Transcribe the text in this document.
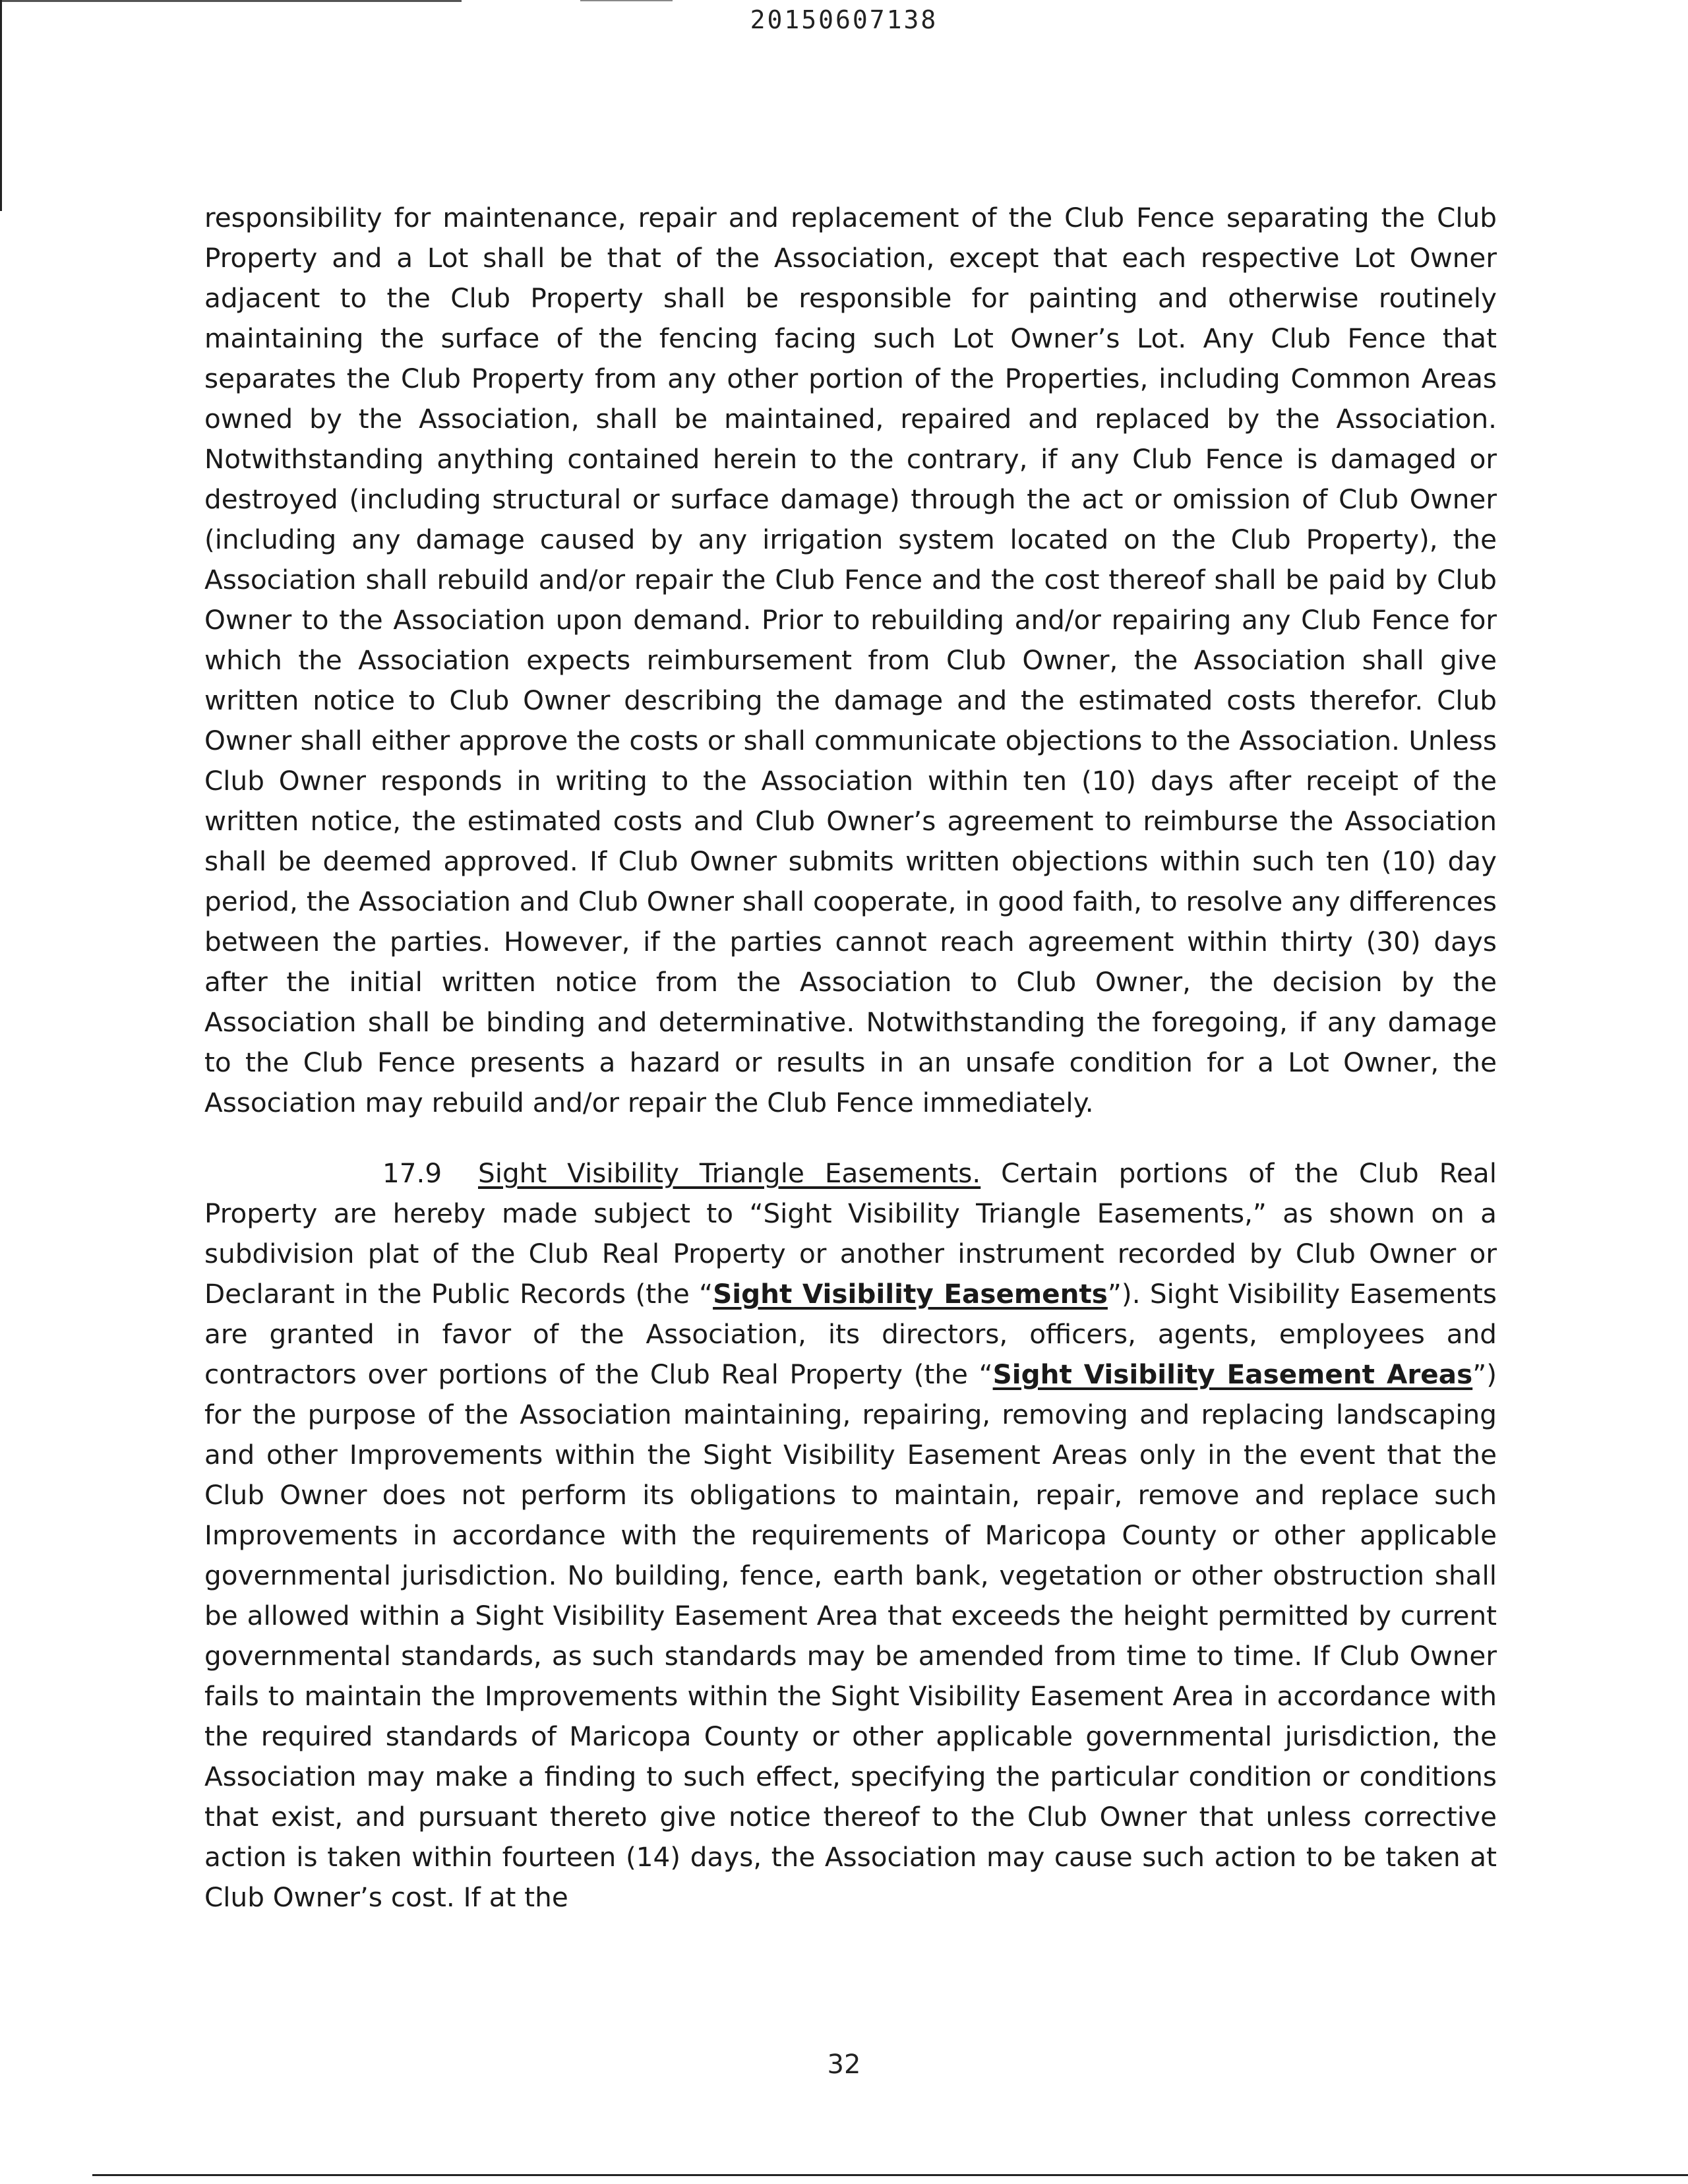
20150607138

responsibility for maintenance, repair and replacement of the Club Fence separating the Club Property and a Lot shall be that of the Association, except that each respective Lot Owner adjacent to the Club Property shall be responsible for painting and otherwise routinely maintaining the surface of the fencing facing such Lot Owner’s Lot. Any Club Fence that separates the Club Property from any other portion of the Properties, including Common Areas owned by the Association, shall be maintained, repaired and replaced by the Association. Notwithstanding anything contained herein to the contrary, if any Club Fence is damaged or destroyed (including structural or surface damage) through the act or omission of Club Owner (including any damage caused by any irrigation system located on the Club Property), the Association shall rebuild and/or repair the Club Fence and the cost thereof shall be paid by Club Owner to the Association upon demand. Prior to rebuilding and/or repairing any Club Fence for which the Association expects reimbursement from Club Owner, the Association shall give written notice to Club Owner describing the damage and the estimated costs therefor. Club Owner shall either approve the costs or shall communicate objections to the Association. Unless Club Owner responds in writing to the Association within ten (10) days after receipt of the written notice, the estimated costs and Club Owner’s agreement to reimburse the Association shall be deemed approved. If Club Owner submits written objections within such ten (10) day period, the Association and Club Owner shall cooperate, in good faith, to resolve any differences between the parties. However, if the parties cannot reach agreement within thirty (30) days after the initial written notice from the Association to Club Owner, the decision by the Association shall be binding and determinative. Notwithstanding the foregoing, if any damage to the Club Fence presents a hazard or results in an unsafe condition for a Lot Owner, the Association may rebuild and/or repair the Club Fence immediately.

17.9 Sight Visibility Triangle Easements. Certain portions of the Club Real Property are hereby made subject to “Sight Visibility Triangle Easements,” as shown on a subdivision plat of the Club Real Property or another instrument recorded by Club Owner or Declarant in the Public Records (the “Sight Visibility Easements”). Sight Visibility Easements are granted in favor of the Association, its directors, officers, agents, employees and contractors over portions of the Club Real Property (the “Sight Visibility Easement Areas”) for the purpose of the Association maintaining, repairing, removing and replacing landscaping and other Improvements within the Sight Visibility Easement Areas only in the event that the Club Owner does not perform its obligations to maintain, repair, remove and replace such Improvements in accordance with the requirements of Maricopa County or other applicable governmental jurisdiction. No building, fence, earth bank, vegetation or other obstruction shall be allowed within a Sight Visibility Easement Area that exceeds the height permitted by current governmental standards, as such standards may be amended from time to time. If Club Owner fails to maintain the Improvements within the Sight Visibility Easement Area in accordance with the required standards of Maricopa County or other applicable governmental jurisdiction, the Association may make a finding to such effect, specifying the particular condition or conditions that exist, and pursuant thereto give notice thereof to the Club Owner that unless corrective action is taken within fourteen (14) days, the Association may cause such action to be taken at Club Owner’s cost. If at the

32
